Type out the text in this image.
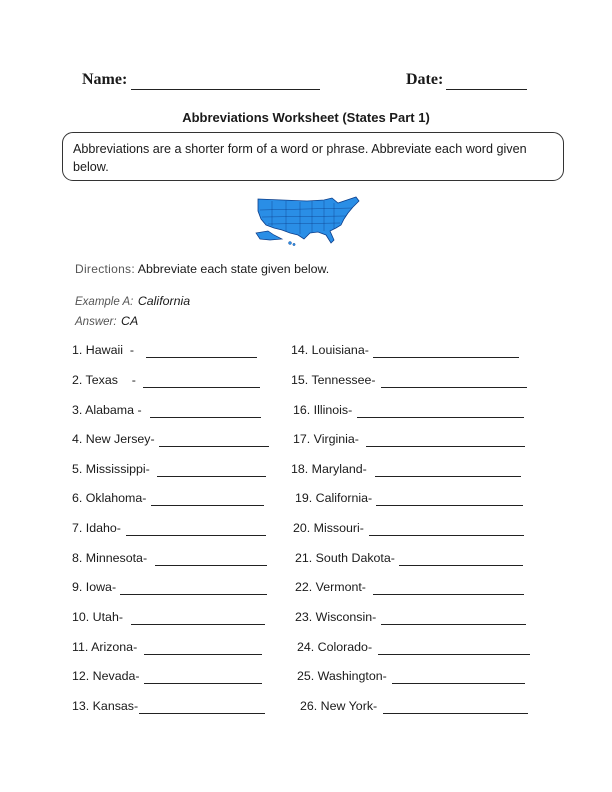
Name:	Date:
Abbreviations Worksheet (States Part 1)
Abbreviations are a shorter form of a word or phrase. Abbreviate each word given below.
Directions: Abbreviate each state given below.
Example A: California
Answer: CA
1. Hawaii  -
2. Texas    -
3. Alabama -
4. New Jersey-
5. Mississippi-
6. Oklahoma-
7. Idaho-
8. Minnesota-
9. Iowa-
10. Utah-
11. Arizona-
12. Nevada-
13. Kansas-
14. Louisiana-
15. Tennessee-
16. Illinois-
17. Virginia-
18. Maryland-
19. California-
20. Missouri-
21. South Dakota-
22. Vermont-
23. Wisconsin-
24. Colorado-
25. Washington-
26. New York-
